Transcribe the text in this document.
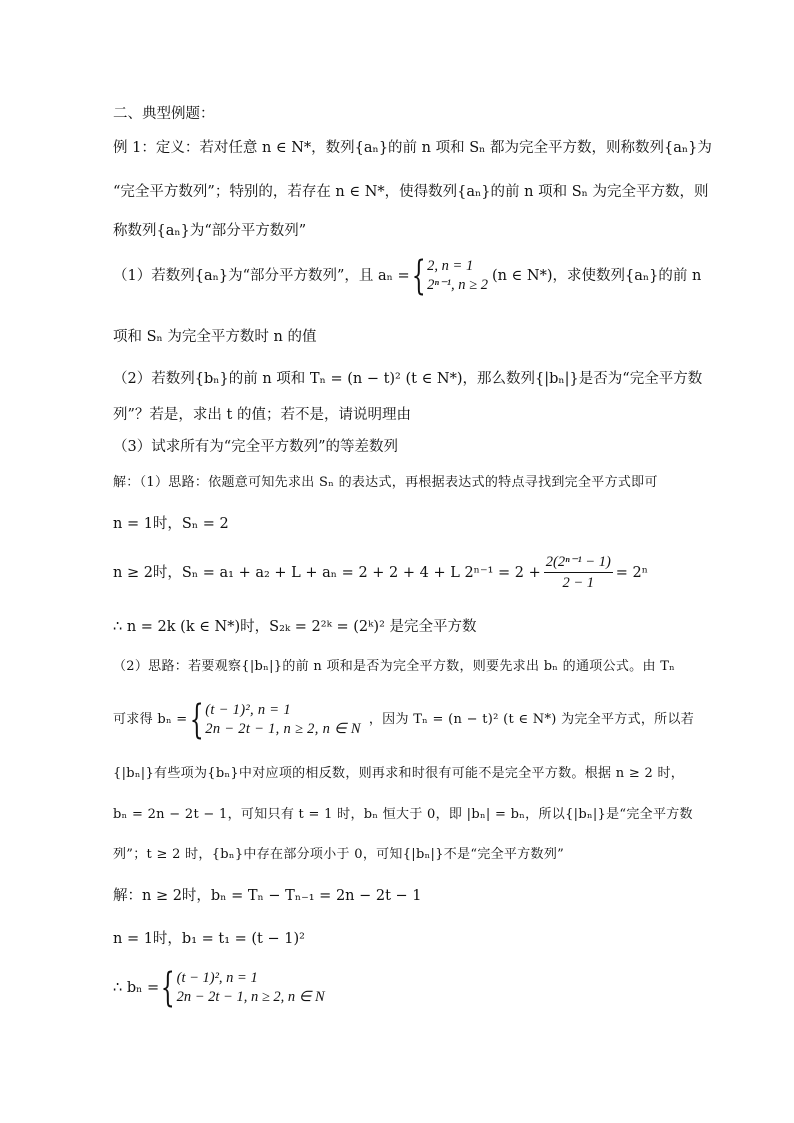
二、典型例题：
例 1：定义：若对任意 n ∈ N*，数列{aₙ}的前 n 项和 Sₙ 都为完全平方数，则称数列{aₙ}为
“完全平方数列”；特别的，若存在 n ∈ N*，使得数列{aₙ}的前 n 项和 Sₙ 为完全平方数，则
称数列{aₙ}为“部分平方数列”
（1）若数列{aₙ}为“部分平方数列”，且 aₙ = { 2, n = 1
2ⁿ⁻¹, n ≥ 2
(n ∈ N*)，求使数列{aₙ}的前 n
项和 Sₙ 为完全平方数时 n 的值
（2）若数列{bₙ}的前 n 项和 Tₙ = (n − t)² (t ∈ N*)，那么数列{|bₙ|}是否为“完全平方数
列”？若是，求出 t 的值；若不是，请说明理由
（3）试求所有为“完全平方数列”的等差数列
解：（1）思路：依题意可知先求出 Sₙ 的表达式，再根据表达式的特点寻找到完全平方式即可
n = 1时，Sₙ = 2
n ≥ 2时，Sₙ = a₁ + a₂ + L + aₙ = 2 + 2 + 4 + L $2^{n-1} = 2 + \frac{\text{2(2ⁿ⁻¹ − 1)}}{2 - 1} = 2^n$
∴ n = 2k (k ∈ N*)时，S₂ₖ = 2²ᵏ = (2ᵏ)² 是完全平方数
（2）思路：若要观察{|bₙ|}的前 n 项和是否为完全平方数，则要先求出 bₙ 的通项公式。由 Tₙ
可求得 bₙ = { (t − 1)², n = 1
2n − 2t − 1, n ≥ 2, n ∈ N
，因为 Tₙ = (n − t)² (t ∈ N*) 为完全平方式，所以若
{|bₙ|}有些项为{bₙ}中对应项的相反数，则再求和时很有可能不是完全平方数。根据 n ≥ 2 时，
bₙ = 2n − 2t − 1，可知只有 t = 1 时，bₙ 恒大于 0，即 |bₙ| = bₙ，所以{|bₙ|}是“完全平方数
列”；t ≥ 2 时，{bₙ}中存在部分项小于 0，可知{|bₙ|}不是“完全平方数列”
解：n ≥ 2时，bₙ = Tₙ − Tₙ₋₁ = 2n − 2t − 1
n = 1时，b₁ = t₁ = (t − 1)²
∴ bₙ = { (t − 1)², n = 1
2n − 2t − 1, n ≥ 2, n ∈ N
